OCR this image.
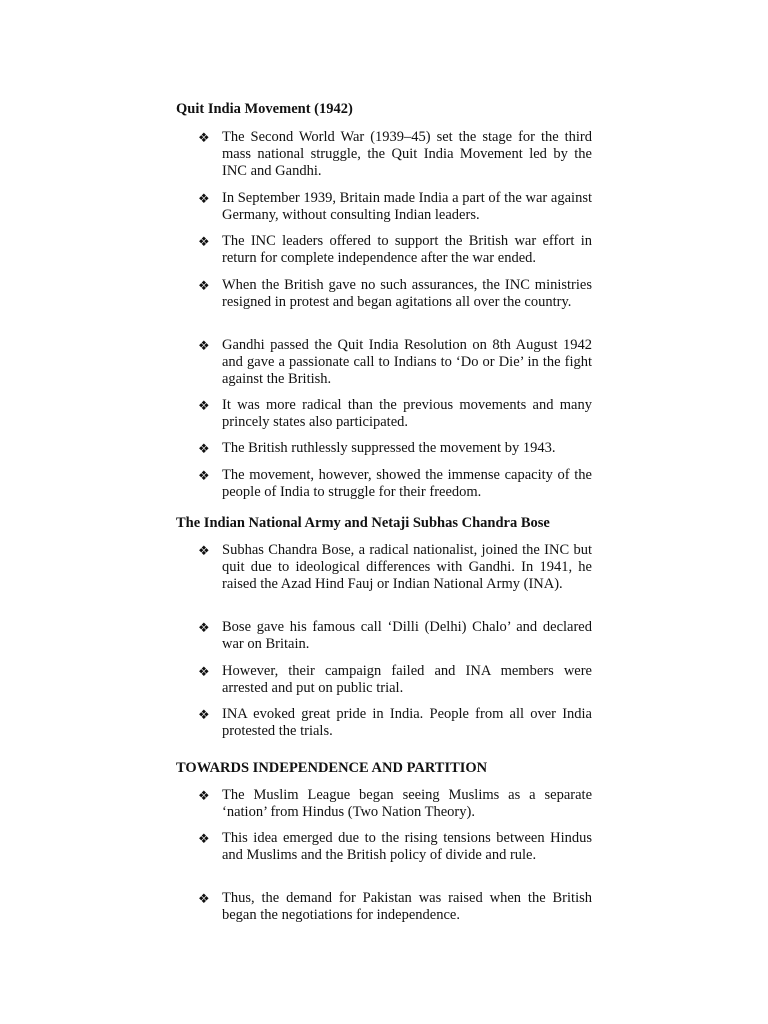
Quit India Movement (1942)
❖ The Second World War (1939–45) set the stage for the third mass national struggle, the Quit India Movement led by the INC and Gandhi.
❖ In September 1939, Britain made India a part of the war against Germany, without consulting Indian leaders.
❖ The INC leaders offered to support the British war effort in return for complete independence after the war ended.
❖ When the British gave no such assurances, the INC ministries resigned in protest and began agitations all over the country.
❖ Gandhi passed the Quit India Resolution on 8th August 1942 and gave a passionate call to Indians to ‘Do or Die’ in the fight against the British.
❖ It was more radical than the previous movements and many princely states also participated.
❖ The British ruthlessly suppressed the movement by 1943.
❖ The movement, however, showed the immense capacity of the people of India to struggle for their freedom.
The Indian National Army and Netaji Subhas Chandra Bose
❖ Subhas Chandra Bose, a radical nationalist, joined the INC but quit due to ideological differences with Gandhi. In 1941, he raised the Azad Hind Fauj or Indian National Army (INA).
❖ Bose gave his famous call ‘Dilli (Delhi) Chalo’ and declared war on Britain.
❖ However, their campaign failed and INA members were arrested and put on public trial.
❖ INA evoked great pride in India. People from all over India protested the trials.
TOWARDS INDEPENDENCE AND PARTITION
❖ The Muslim League began seeing Muslims as a separate ‘nation’ from Hindus (Two Nation Theory).
❖ This idea emerged due to the rising tensions between Hindus and Muslims and the British policy of divide and rule.
❖ Thus, the demand for Pakistan was raised when the British began the negotiations for independence.
